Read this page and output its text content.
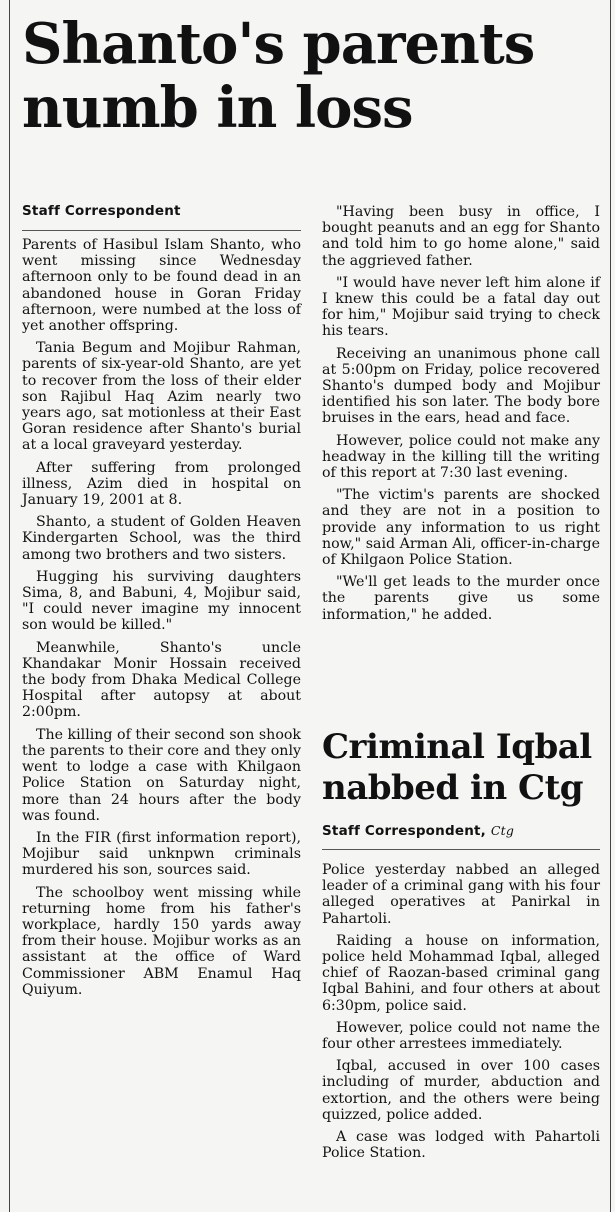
Shanto's parents
numb in loss
Staff Correspondent

Parents of Hasibul Islam Shanto, who went missing since Wednesday afternoon only to be found dead in an abandoned house in Goran Friday afternoon, were numbed at the loss of yet another offspring.

Tania Begum and Mojibur Rahman, parents of six-year-old Shanto, are yet to recover from the loss of their elder son Rajibul Haq Azim nearly two years ago, sat motionless at their East Goran residence after Shanto's burial at a local graveyard yesterday.

After suffering from prolonged illness, Azim died in hospital on January 19, 2001 at 8.

Shanto, a student of Golden Heaven Kindergarten School, was the third among two brothers and two sisters.

Hugging his surviving daughters Sima, 8, and Babuni, 4, Mojibur said, "I could never imagine my innocent son would be killed."

Meanwhile, Shanto's uncle Khandakar Monir Hossain received the body from Dhaka Medical College Hospital after autopsy at about 2:00pm.

The killing of their second son shook the parents to their core and they only went to lodge a case with Khilgaon Police Station on Saturday night, more than 24 hours after the body was found.

In the FIR (first information report), Mojibur said unknpwn criminals murdered his son, sources said.

The schoolboy went missing while returning home from his father's workplace, hardly 150 yards away from their house. Mojibur works as an assistant at the office of Ward Commissioner ABM Enamul Haq Quiyum.

"Having been busy in office, I bought peanuts and an egg for Shanto and told him to go home alone," said the aggrieved father.

"I would have never left him alone if I knew this could be a fatal day out for him," Mojibur said trying to check his tears.

Receiving an unanimous phone call at 5:00pm on Friday, police recovered Shanto's dumped body and Mojibur identified his son later. The body bore bruises in the ears, head and face.

However, police could not make any headway in the killing till the writing of this report at 7:30 last evening.

"The victim's parents are shocked and they are not in a position to provide any information to us right now," said Arman Ali, officer-in-charge of Khilgaon Police Station.

"We'll get leads to the murder once the parents give us some information," he added.

Criminal Iqbal
nabbed in Ctg
Staff Correspondent, Ctg

Police yesterday nabbed an alleged leader of a criminal gang with his four alleged operatives at Panirkal in Pahartoli.

Raiding a house on information, police held Mohammad Iqbal, alleged chief of Raozan-based criminal gang Iqbal Bahini, and four others at about 6:30pm, police said.

However, police could not name the four other arrestees immediately.

Iqbal, accused in over 100 cases including of murder, abduction and extortion, and the others were being quizzed, police added.

A case was lodged with Pahartoli Police Station.
